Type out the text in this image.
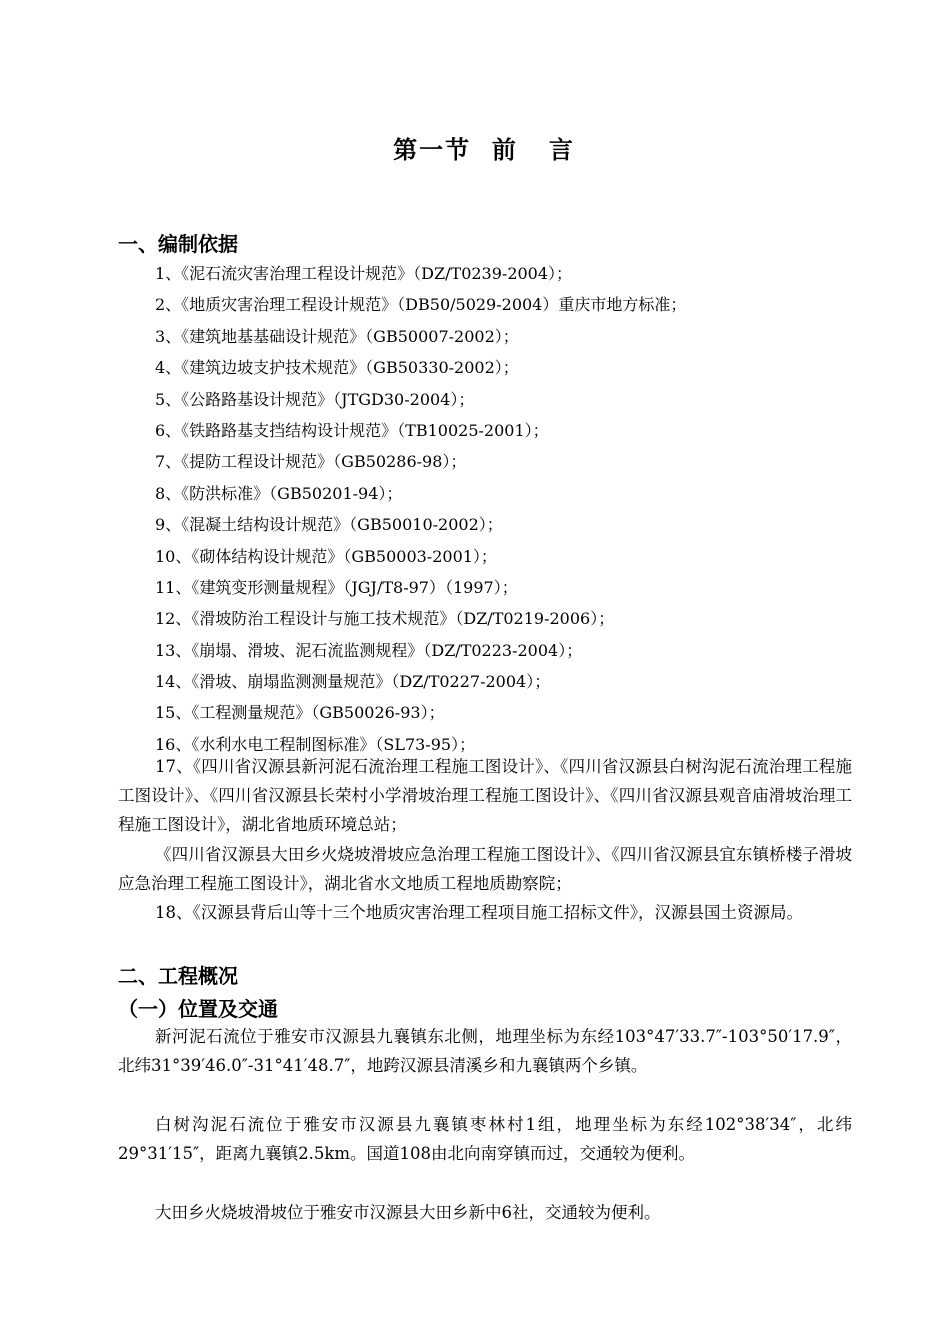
第一节  前   言
一、编制依据
1、《泥石流灾害治理工程设计规范》（DZ/T0239-2004）；
2、《地质灾害治理工程设计规范》（DB50/5029-2004）重庆市地方标准；
3、《建筑地基基础设计规范》（GB50007-2002）；
4、《建筑边坡支护技术规范》（GB50330-2002）；
5、《公路路基设计规范》（JTGD30-2004）；
6、《铁路路基支挡结构设计规范》（TB10025-2001）；
7、《提防工程设计规范》（GB50286-98）；
8、《防洪标准》（GB50201-94）；
9、《混凝土结构设计规范》（GB50010-2002）；
10、《砌体结构设计规范》（GB50003-2001）；
11、《建筑变形测量规程》（JGJ/T8-97）（1997）；
12、《滑坡防治工程设计与施工技术规范》（DZ/T0219-2006）；
13、《崩塌、滑坡、泥石流监测规程》（DZ/T0223-2004）；
14、《滑坡、崩塌监测测量规范》（DZ/T0227-2004）；
15、《工程测量规范》（GB50026-93）；
16、《水利水电工程制图标准》（SL73-95）；

17、《四川省汉源县新河泥石流治理工程施工图设计》、《四川省汉源县白树沟泥石流治理工程施工图设计》、《四川省汉源县长荣村小学滑坡治理工程施工图设计》、《四川省汉源县观音庙滑坡治理工程施工图设计》，湖北省地质环境总站；

《四川省汉源县大田乡火烧坡滑坡应急治理工程施工图设计》、《四川省汉源县宜东镇桥楼子滑坡应急治理工程施工图设计》，湖北省水文地质工程地质勘察院；

18、《汉源县背后山等十三个地质灾害治理工程项目施工招标文件》，汉源县国土资源局。

二、工程概况
（一）位置及交通

新河泥石流位于雅安市汉源县九襄镇东北侧，地理坐标为东经103°47′33.7″-103°50′17.9″，北纬31°39′46.0″-31°41′48.7″，地跨汉源县清溪乡和九襄镇两个乡镇。

白树沟泥石流位于雅安市汉源县九襄镇枣林村1组，地理坐标为东经102°38′34″，北纬29°31′15″，距离九襄镇2.5km。国道108由北向南穿镇而过，交通较为便利。

大田乡火烧坡滑坡位于雅安市汉源县大田乡新中6社，交通较为便利。
